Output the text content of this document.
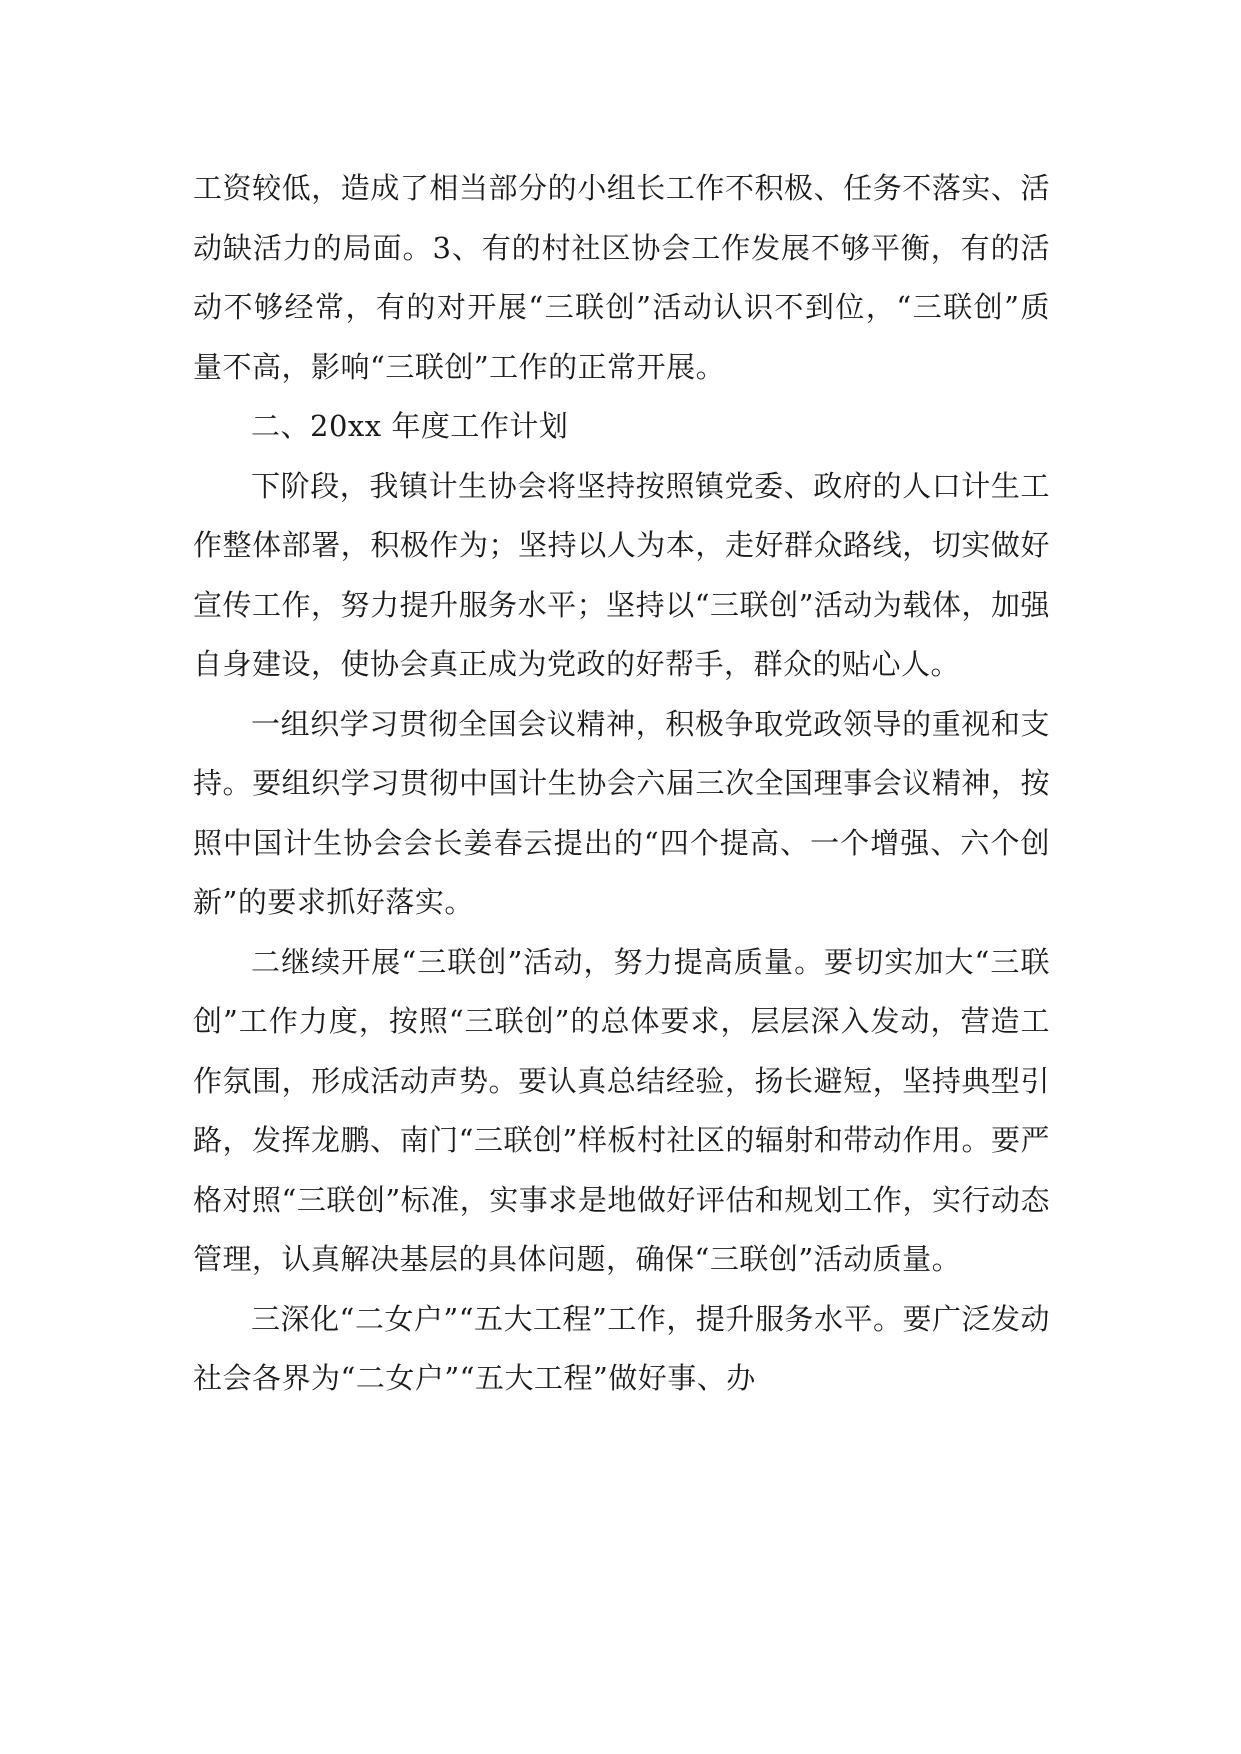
工资较低，造成了相当部分的小组长工作不积极、任务不落实、活动缺活力的局面。3、有的村社区协会工作发展不够平衡，有的活动不够经常，有的对开展“三联创”活动认识不到位，“三联创”质量不高，影响“三联创”工作的正常开展。

二、20xx 年度工作计划

下阶段，我镇计生协会将坚持按照镇党委、政府的人口计生工作整体部署，积极作为；坚持以人为本，走好群众路线，切实做好宣传工作，努力提升服务水平；坚持以“三联创”活动为载体，加强自身建设，使协会真正成为党政的好帮手，群众的贴心人。

一组织学习贯彻全国会议精神，积极争取党政领导的重视和支持。要组织学习贯彻中国计生协会六届三次全国理事会议精神，按照中国计生协会会长姜春云提出的“四个提高、一个增强、六个创新”的要求抓好落实。

二继续开展“三联创”活动，努力提高质量。要切实加大“三联创”工作力度，按照“三联创”的总体要求，层层深入发动，营造工作氛围，形成活动声势。要认真总结经验，扬长避短，坚持典型引路，发挥龙鹏、南门“三联创”样板村社区的辐射和带动作用。要严格对照“三联创”标准，实事求是地做好评估和规划工作，实行动态管理，认真解决基层的具体问题，确保“三联创”活动质量。

三深化“二女户”“五大工程”工作，提升服务水平。要广泛发动社会各界为“二女户”“五大工程”做好事、办
